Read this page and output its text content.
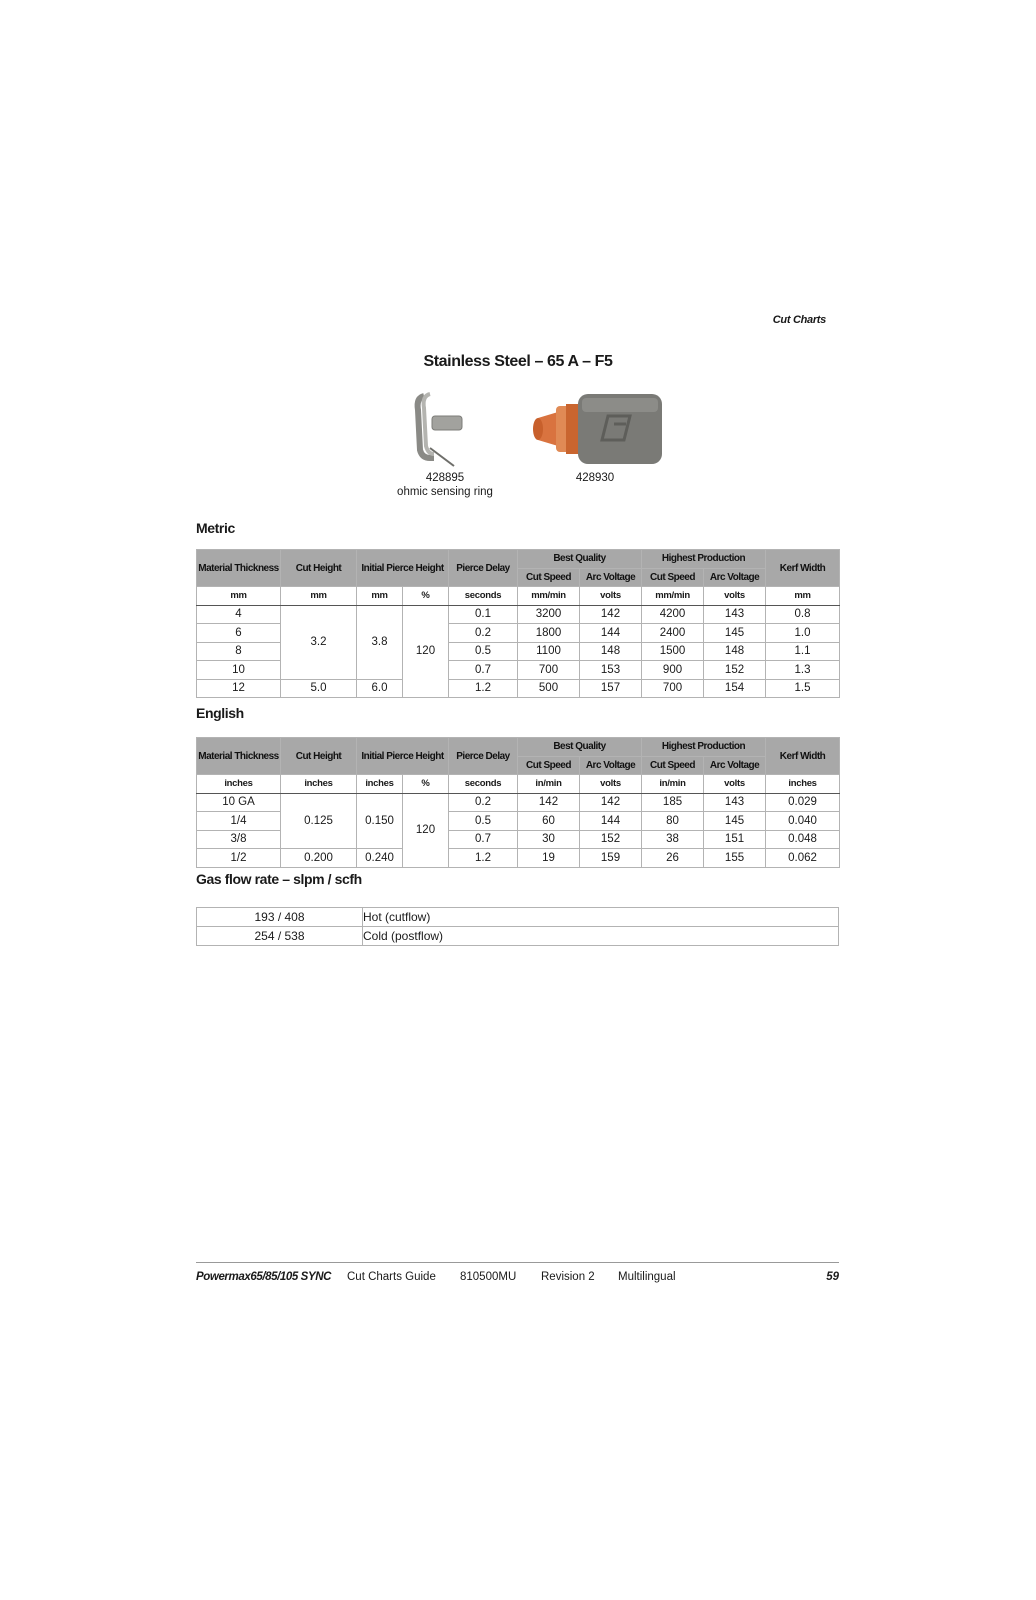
Cut Charts
Stainless Steel – 65 A – F5
428895
ohmic sensing ring
428930
Metric
Material Thickness	Cut Height	Initial Pierce Height		Pierce Delay	Best Quality		Highest Production		Kerf Width
					Cut Speed	Arc Voltage	Cut Speed	Arc Voltage	
mm	mm	mm	%	seconds	mm/min	volts	mm/min	volts	mm
4	3.2	3.8	120	0.1	3200	142	4200	143	0.8
6				0.2	1800	144	2400	145	1.0
8				0.5	1100	148	1500	148	1.1
10				0.7	700	153	900	152	1.3
12	5.0	6.0		1.2	500	157	700	154	1.5
English
Material Thickness	Cut Height	Initial Pierce Height		Pierce Delay	Best Quality		Highest Production		Kerf Width
					Cut Speed	Arc Voltage	Cut Speed	Arc Voltage	
inches	inches	inches	%	seconds	in/min	volts	in/min	volts	inches
10 GA	0.125	0.150	120	0.2	142	142	185	143	0.029
1/4				0.5	60	144	80	145	0.040
3/8				0.7	30	152	38	151	0.048
1/2	0.200	0.240		1.2	19	159	26	155	0.062
Gas flow rate – slpm / scfh
193 / 408	Hot (cutflow)
254 / 538	Cold (postflow)
Powermax65/85/105 SYNC Cut Charts Guide 810500MU Revision 2 Multilingual	59
